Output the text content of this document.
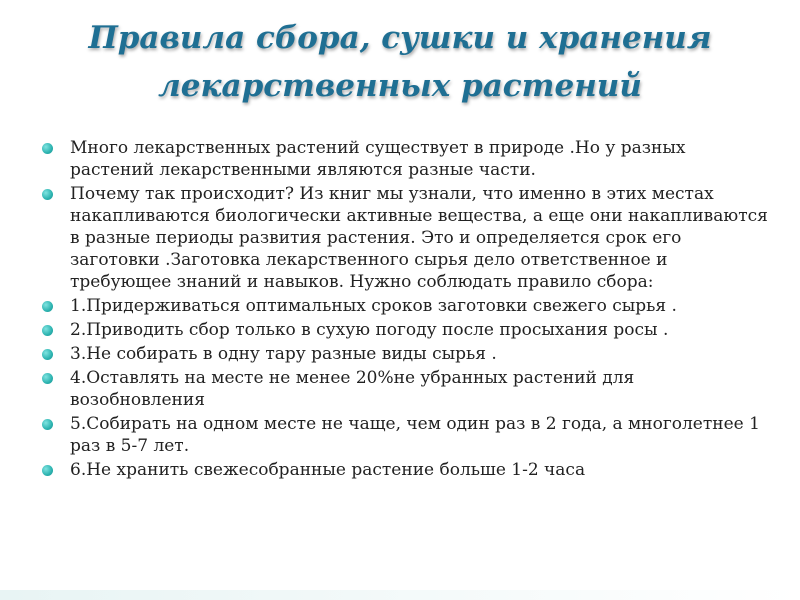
Правила сбора, сушки и хранения
лекарственных растений
Много лекарственных растений существует в природе .Но у разных растений лекарственными являются разные части.
Почему так происходит? Из книг мы узнали, что именно в этих местах накапливаются биологически активные вещества, а еще они накапливаются в разные периоды развития растения. Это и определяется срок его заготовки .Заготовка лекарственного сырья дело ответственное и требующее знаний и навыков. Нужно соблюдать правило сбора:
1.Придерживаться оптимальных сроков заготовки свежего сырья .
2.Приводить сбор только в сухую погоду после просыхания росы .
3.Не собирать в одну тару разные виды сырья .
4.Оставлять на месте не менее 20%не убранных растений для возобновления
5.Собирать на одном месте не чаще, чем один раз в 2 года, а многолетнее 1 раз в 5-7 лет.
6.Не хранить свежесобранные растение больше 1-2 часа
